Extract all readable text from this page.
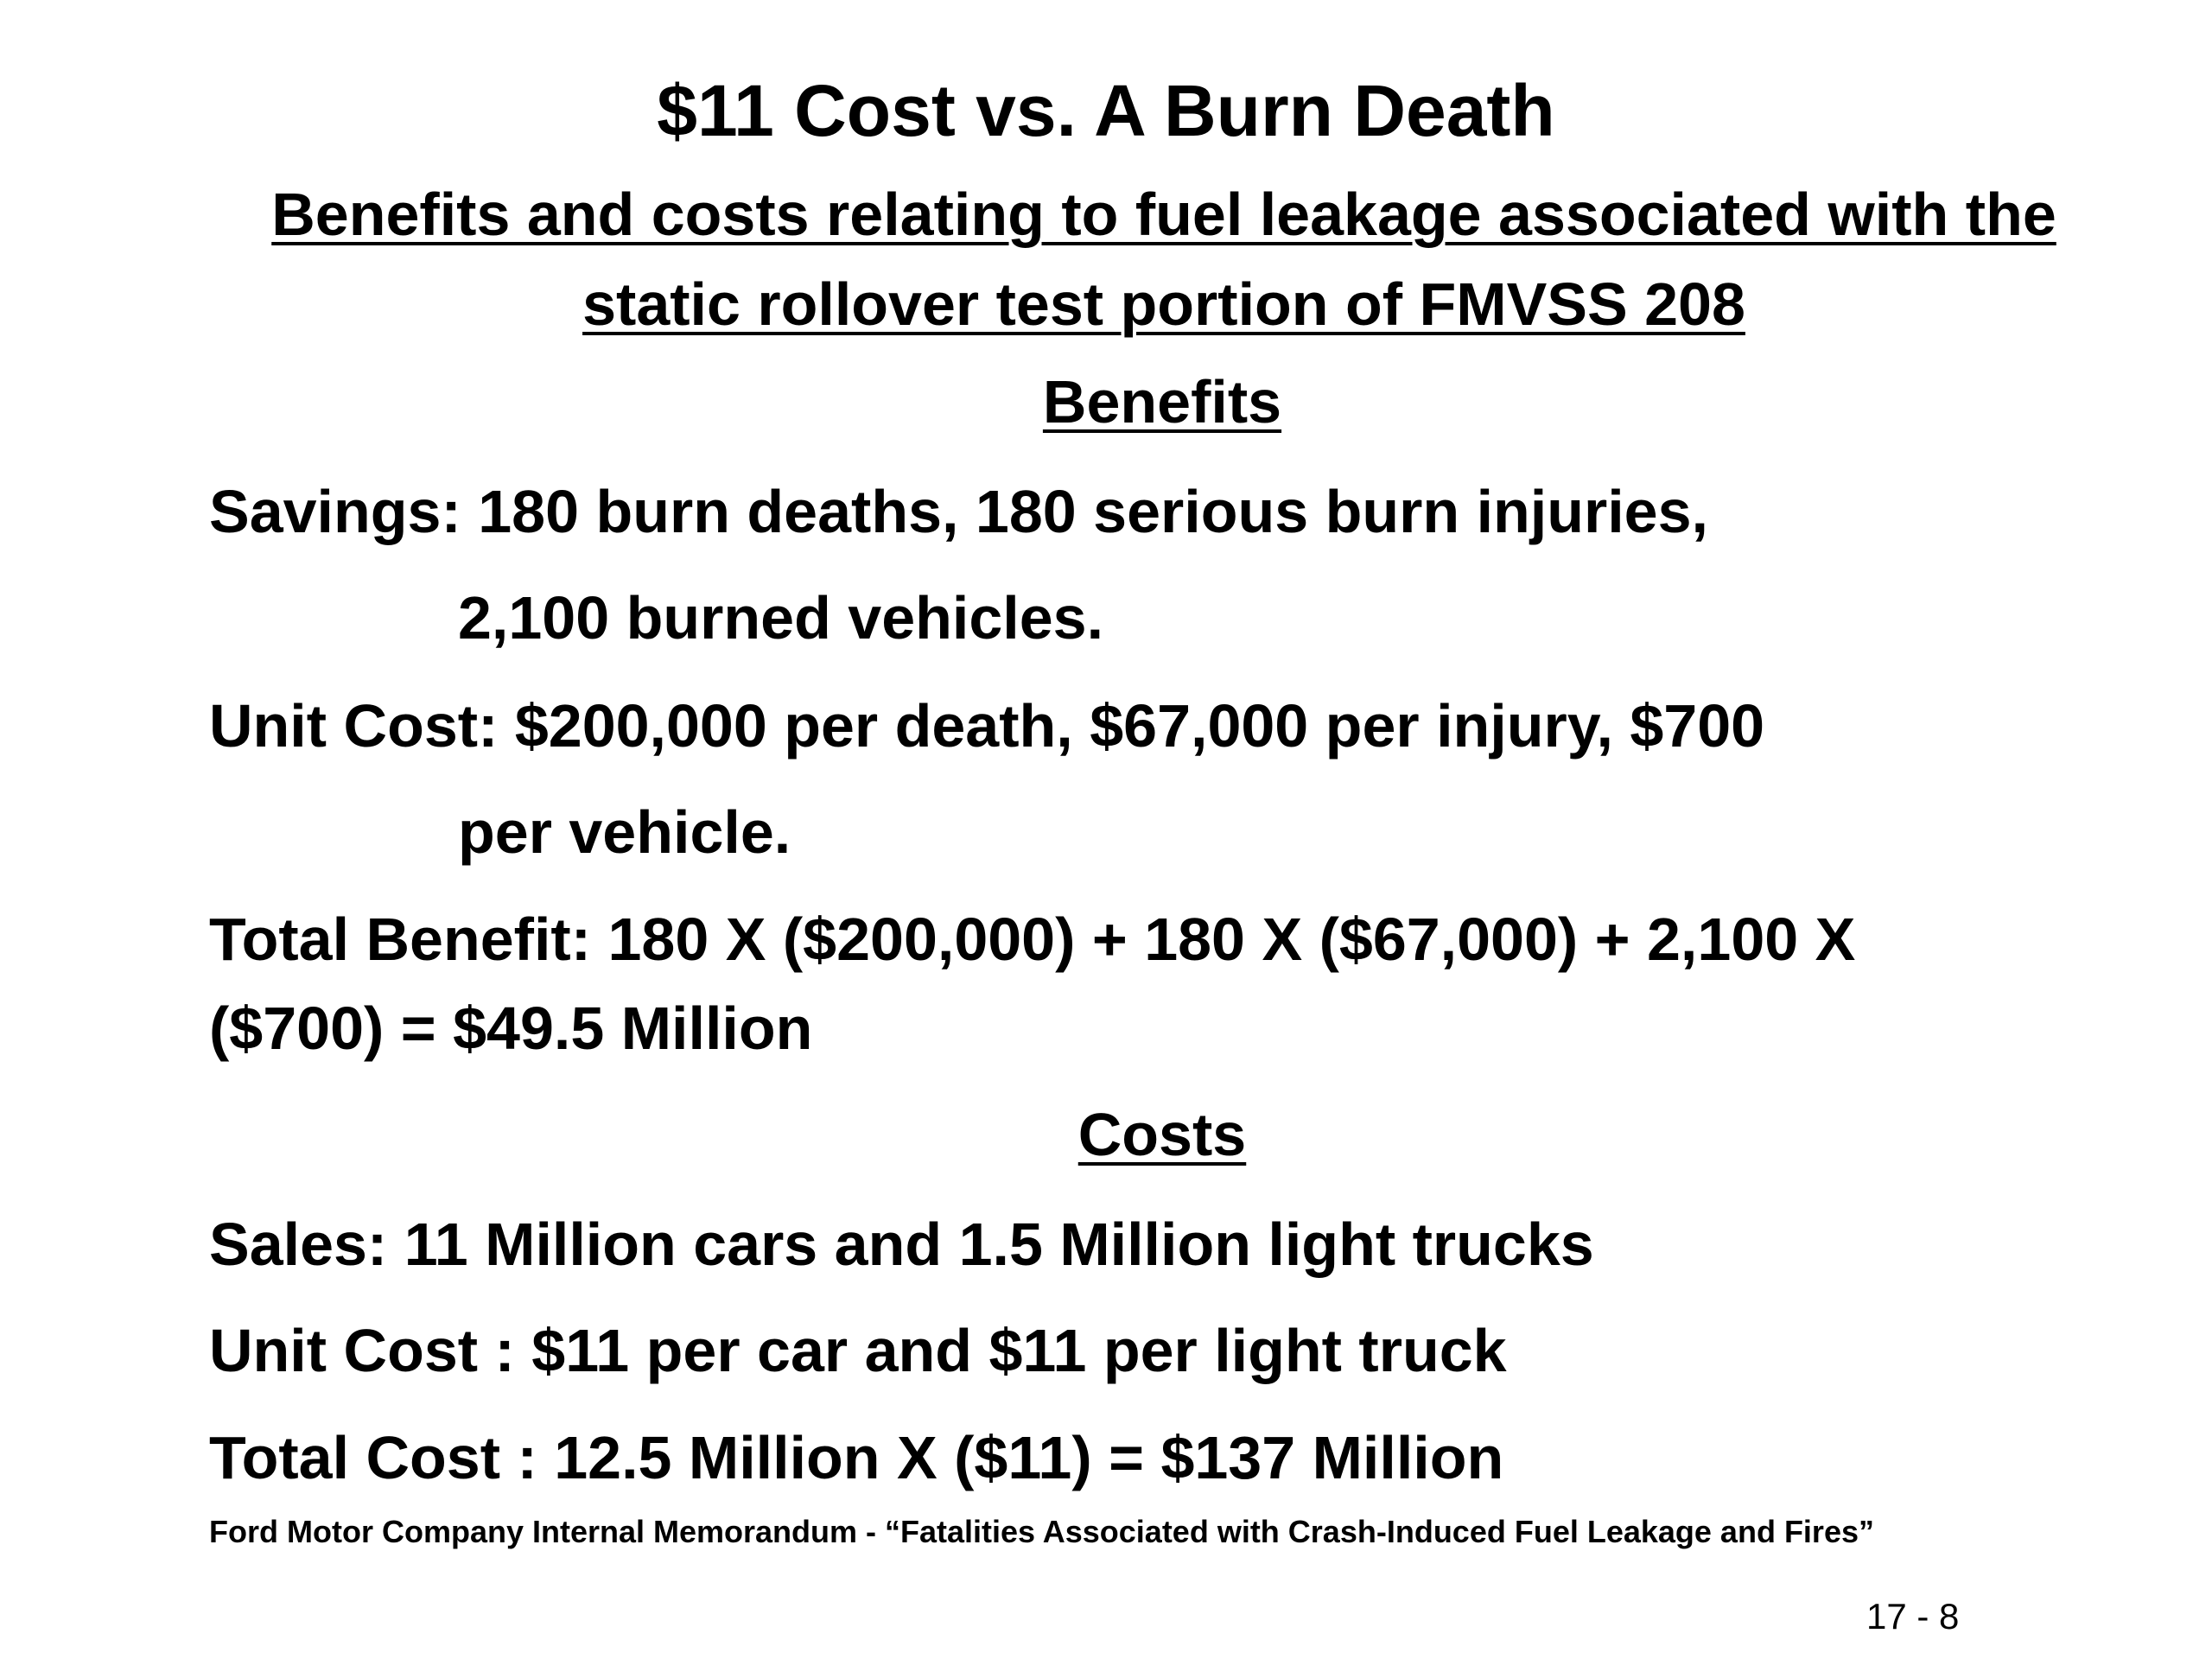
$11 Cost vs. A Burn Death
Benefits and costs relating to fuel leakage associated with the static rollover test portion of FMVSS 208
Benefits
Savings: 180 burn deaths, 180 serious burn injuries,
2,100 burned vehicles.
Unit Cost: $200,000 per death, $67,000 per injury, $700
per vehicle.
Total Benefit: 180 X ($200,000) + 180 X ($67,000) + 2,100 X
($700) = $49.5 Million
Costs
Sales: 11 Million cars and 1.5 Million light trucks
Unit Cost : $11 per car and $11 per light truck
Total Cost : 12.5 Million X ($11) = $137 Million
Ford Motor Company Internal Memorandum - “Fatalities Associated with Crash-Induced Fuel Leakage and Fires”
17 - 8
